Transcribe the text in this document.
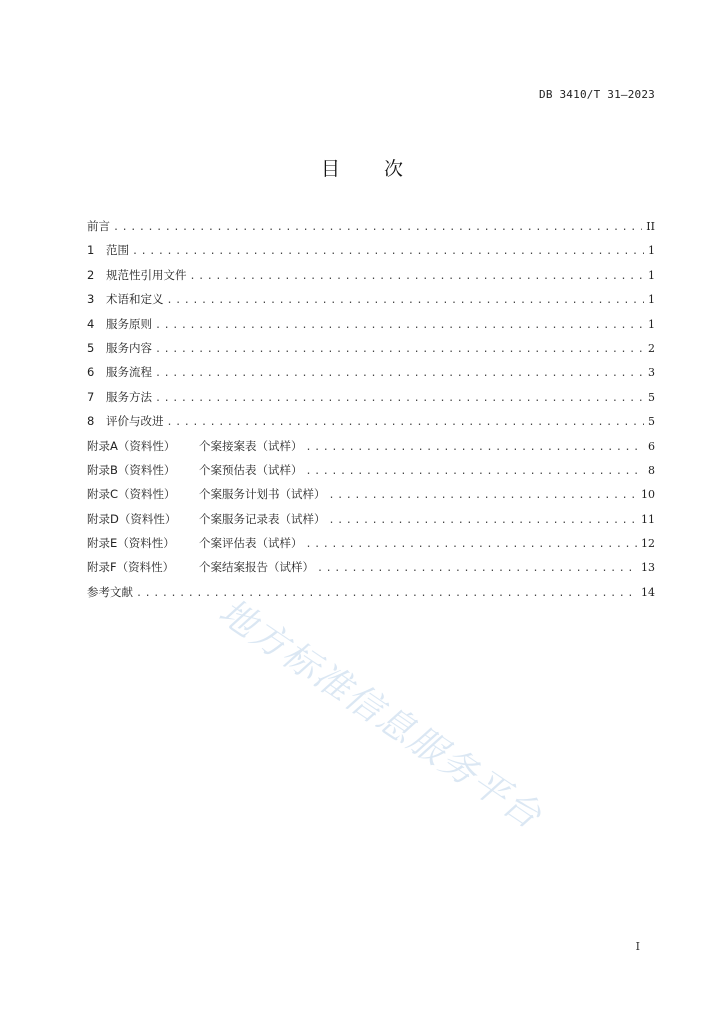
DB 3410/T 31—2023
目 次
前言 .....	II
1 范围 .....	1
2 规范性引用文件 .....	1
3 术语和定义 .....	1
4 服务原则 .....	1
5 服务内容 .....	2
6 服务流程 .....	3
7 服务方法 .....	5
8 评价与改进 .....	5
附录A（资料性） 个案接案表（试样） .....	6
附录B（资料性） 个案预估表（试样） .....	8
附录C（资料性） 个案服务计划书（试样） .....	10
附录D（资料性） 个案服务记录表（试样） .....	11
附录E（资料性） 个案评估表（试样） .....	12
附录F（资料性） 个案结案报告（试样） .....	13
参考文献 .....	14
地方标准信息服务平台
I
